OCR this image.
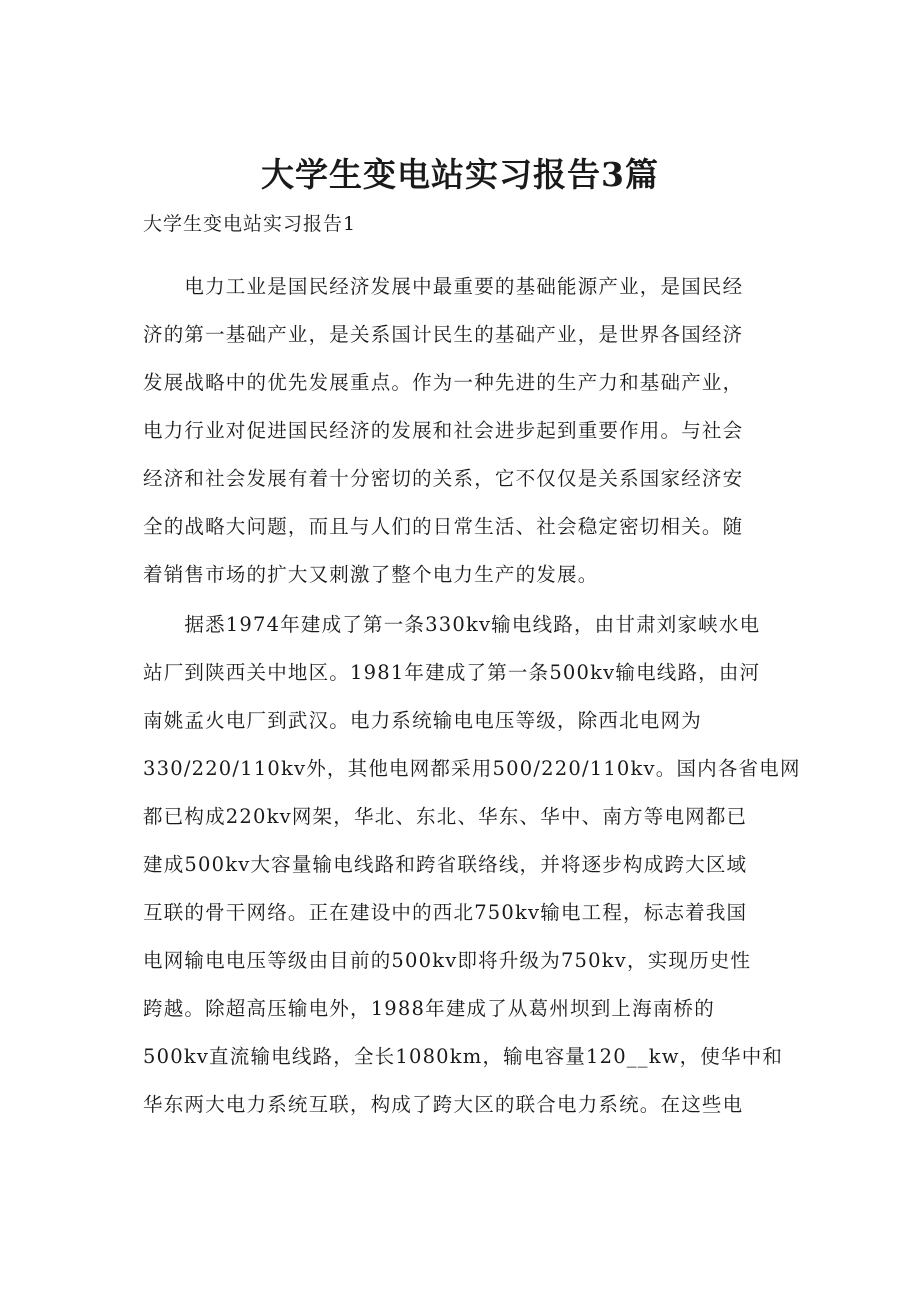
大学生变电站实习报告3篇

大学生变电站实习报告1

　　电力工业是国民经济发展中最重要的基础能源产业，是国民经
济的第一基础产业，是关系国计民生的基础产业，是世界各国经济
发展战略中的优先发展重点。作为一种先进的生产力和基础产业，
电力行业对促进国民经济的发展和社会进步起到重要作用。与社会
经济和社会发展有着十分密切的关系，它不仅仅是关系国家经济安
全的战略大问题，而且与人们的日常生活、社会稳定密切相关。随
着销售市场的扩大又刺激了整个电力生产的发展。
　　据悉1974年建成了第一条330kv输电线路，由甘肃刘家峡水电
站厂到陕西关中地区。1981年建成了第一条500kv输电线路，由河
南姚孟火电厂到武汉。电力系统输电电压等级，除西北电网为
330/220/110kv外，其他电网都采用500/220/110kv。国内各省电网
都已构成220kv网架，华北、东北、华东、华中、南方等电网都已
建成500kv大容量输电线路和跨省联络线，并将逐步构成跨大区域
互联的骨干网络。正在建设中的西北750kv输电工程，标志着我国
电网输电电压等级由目前的500kv即将升级为750kv，实现历史性
跨越。除超高压输电外，1988年建成了从葛州坝到上海南桥的
500kv直流输电线路，全长1080km，输电容量120__kw，使华中和
华东两大电力系统互联，构成了跨大区的联合电力系统。在这些电
